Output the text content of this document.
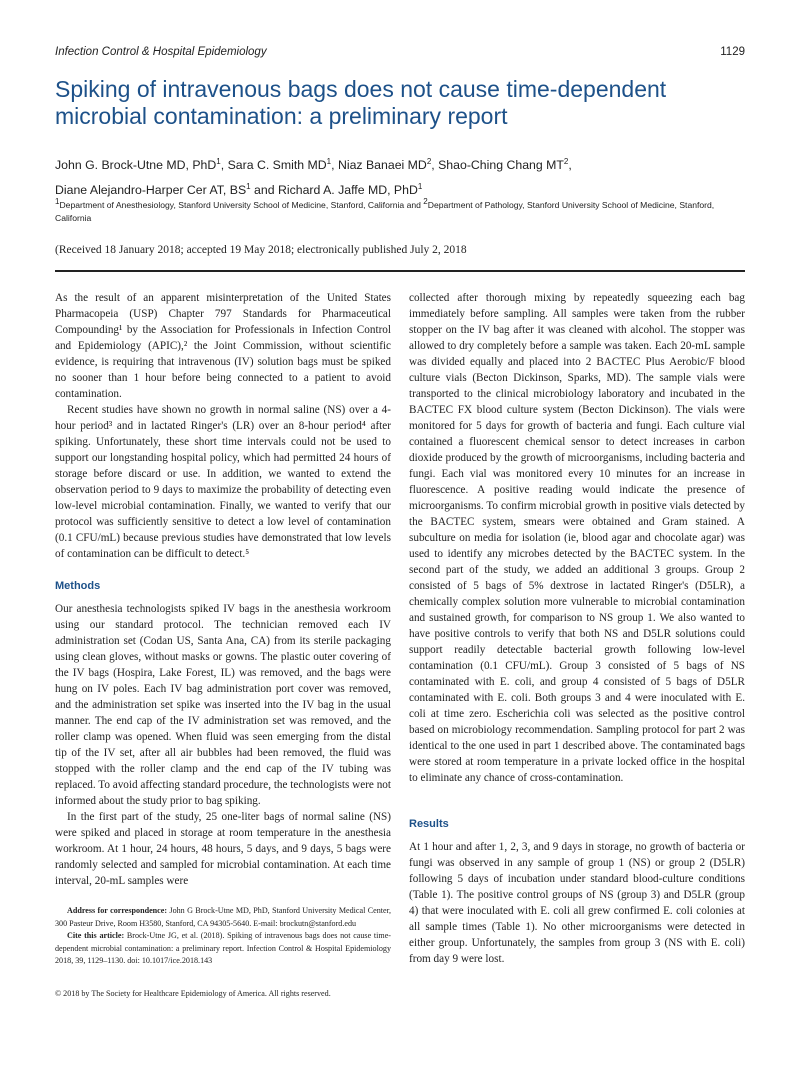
Infection Control & Hospital Epidemiology	1129
Spiking of intravenous bags does not cause time-dependent microbial contamination: a preliminary report
John G. Brock-Utne MD, PhD$^1$, Sara C. Smith $MD^1$, Niaz Banaei $MD^2$, Shao-Ching Chang $MT^2$,
Diane Alejandro-Harper Cer AT, $BS^1$ and Richard A. Jaffe MD, PhD$^1$
$^1$Department of Anesthesiology, Stanford University School of Medicine, Stanford, California and $^2$Department of Pathology, Stanford University School of Medicine, Stanford, California
(Received 18 January 2018; accepted 19 May 2018; electronically published July 2, 2018

As the result of an apparent misinterpretation of the United States Pharmacopeia (USP) Chapter 797 Standards for Pharmaceutical Compounding¹ by the Association for Professionals in Infection Control and Epidemiology (APIC),² the Joint Commission, without scientific evidence, is requiring that intravenous (IV) solution bags must be spiked no sooner than 1 hour before being connected to a patient to avoid contamination.

Recent studies have shown no growth in normal saline (NS) over a 4-hour period³ and in lactated Ringer's (LR) over an 8-hour period⁴ after spiking. Unfortunately, these short time intervals could not be used to support our longstanding hospital policy, which had permitted 24 hours of storage before discard or use. In addition, we wanted to extend the observation period to 9 days to maximize the probability of detecting even low-level microbial contamination. Finally, we wanted to verify that our protocol was sufficiently sensitive to detect a low level of contamination (0.1 CFU/mL) because previous studies have demonstrated that low levels of contamination can be difficult to detect.⁵

Methods

Our anesthesia technologists spiked IV bags in the anesthesia workroom using our standard protocol. The technician removed each IV administration set (Codan US, Santa Ana, CA) from its sterile packaging using clean gloves, without masks or gowns. The plastic outer covering of the IV bags (Hospira, Lake Forest, IL) was removed, and the bags were hung on IV poles. Each IV bag administration port cover was removed, and the administration set spike was inserted into the IV bag in the usual manner. The end cap of the IV administration set was removed, and the roller clamp was opened. When fluid was seen emerging from the distal tip of the IV set, after all air bubbles had been removed, the fluid was stopped with the roller clamp and the end cap of the IV tubing was replaced. To avoid affecting standard procedure, the technologists were not informed about the study prior to bag spiking.

In the first part of the study, 25 one-liter bags of normal saline (NS) were spiked and placed in storage at room temperature in the anesthesia workroom. At 1 hour, 24 hours, 48 hours, 5 days, and 9 days, 5 bags were randomly selected and sampled for microbial contamination. At each time interval, 20-mL samples were

collected after thorough mixing by repeatedly squeezing each bag immediately before sampling. All samples were taken from the rubber stopper on the IV bag after it was cleaned with alcohol. The stopper was allowed to dry completely before a sample was taken. Each 20-mL sample was divided equally and placed into 2 BACTEC Plus Aerobic/F blood culture vials (Becton Dickinson, Sparks, MD). The sample vials were transported to the clinical microbiology laboratory and incubated in the BACTEC FX blood culture system (Becton Dickinson). The vials were monitored for 5 days for growth of bacteria and fungi. Each culture vial contained a fluorescent chemical sensor to detect increases in carbon dioxide produced by the growth of microorganisms, including bacteria and fungi. Each vial was monitored every 10 minutes for an increase in fluorescence. A positive reading would indicate the presence of microorganisms. To confirm microbial growth in positive vials detected by the BACTEC system, smears were obtained and Gram stained. A subculture on media for isolation (ie, blood agar and chocolate agar) was used to identify any microbes detected by the BACTEC system. In the second part of the study, we added an additional 3 groups. Group 2 consisted of 5 bags of 5% dextrose in lactated Ringer's (D5LR), a chemically complex solution more vulnerable to microbial contamination and sustained growth, for comparison to NS group 1. We also wanted to have positive controls to verify that both NS and D5LR solutions could support readily detectable bacterial growth following low-level contamination (0.1 CFU/mL). Group 3 consisted of 5 bags of NS contaminated with E. coli, and group 4 consisted of 5 bags of D5LR contaminated with E. coli. Both groups 3 and 4 were inoculated with E. coli at time zero. Escherichia coli was selected as the positive control based on microbiology recommendation. Sampling protocol for part 2 was identical to the one used in part 1 described above. The contaminated bags were stored at room temperature in a private locked office in the hospital to eliminate any chance of cross-contamination.

Results

At 1 hour and after 1, 2, 3, and 9 days in storage, no growth of bacteria or fungi was observed in any sample of group 1 (NS) or group 2 (D5LR) following 5 days of incubation under standard blood-culture conditions (Table 1). The positive control groups of NS (group 3) and D5LR (group 4) that were inoculated with E. coli all grew confirmed E. coli colonies at all sample times (Table 1). No other microorganisms were detected in either group. Unfortunately, the samples from group 3 (NS with E. coli) from day 9 were lost.

Address for correspondence: John G Brock-Utne MD, PhD, Stanford University Medical Center, 300 Pasteur Drive, Room H3580, Stanford, CA 94305-5640. E-mail: brockutn@stanford.edu

Cite this article: Brock-Utne JG, et al. (2018). Spiking of intravenous bags does not cause time-dependent microbial contamination: a preliminary report. Infection Control & Hospital Epidemiology 2018, 39, 1129–1130. doi: 10.1017/ice.2018.143

© 2018 by The Society for Healthcare Epidemiology of America. All rights reserved.
